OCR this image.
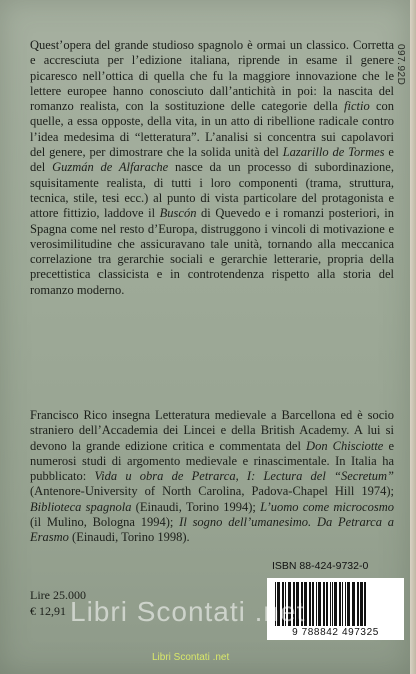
097.92D

Quest’opera del grande studioso spagnolo è ormai un classico. Corretta e accresciuta per l’edizione italiana, riprende in esame il genere picaresco nell’ottica di quella che fu la maggiore innovazione che le lettere europee hanno conosciuto dall’antichità in poi: la nascita del romanzo realista, con la sostituzione delle categorie della fictio con quelle, a essa opposte, della vita, in un atto di ribellione radicale contro l’idea medesima di “letteratura”. L’analisi si concentra sui capolavori del genere, per dimostrare che la solida unità del Lazarillo de Tormes e del Guzmán de Alfarache nasce da un processo di subordinazione, squisitamente realista, di tutti i loro componenti (trama, struttura, tecnica, stile, tesi ecc.) al punto di vista particolare del protagonista e attore fittizio, laddove il Buscón di Quevedo e i romanzi posteriori, in Spagna come nel resto d’Europa, distruggono i vincoli di motivazione e verosimilitudine che assicuravano tale unità, tornando alla meccanica correlazione tra gerarchie sociali e gerarchie letterarie, propria della precettistica classicista e in controtendenza rispetto alla storia del romanzo moderno.

Francisco Rico insegna Letteratura medievale a Barcellona ed è socio straniero dell’Accademia dei Lincei e della British Academy. A lui si devono la grande edizione critica e commentata del Don Chisciotte e numerosi studi di argomento medievale e rinascimentale. In Italia ha pubblicato: Vida u obra de Petrarca, I: Lectura del “Secretum” (Antenore-University of North Carolina, Padova-Chapel Hill 1974); Biblioteca spagnola (Einaudi, Torino 1994); L’uomo come microcosmo (il Mulino, Bologna 1994); Il sogno dell’umanesimo. Da Petrarca a Erasmo (Einaudi, Torino 1998).

Lire 25.000
€ 12,91
ISBN 88-424-9732-0
9 788842 497325
Libri Scontati .net
Libri Scontati .net
